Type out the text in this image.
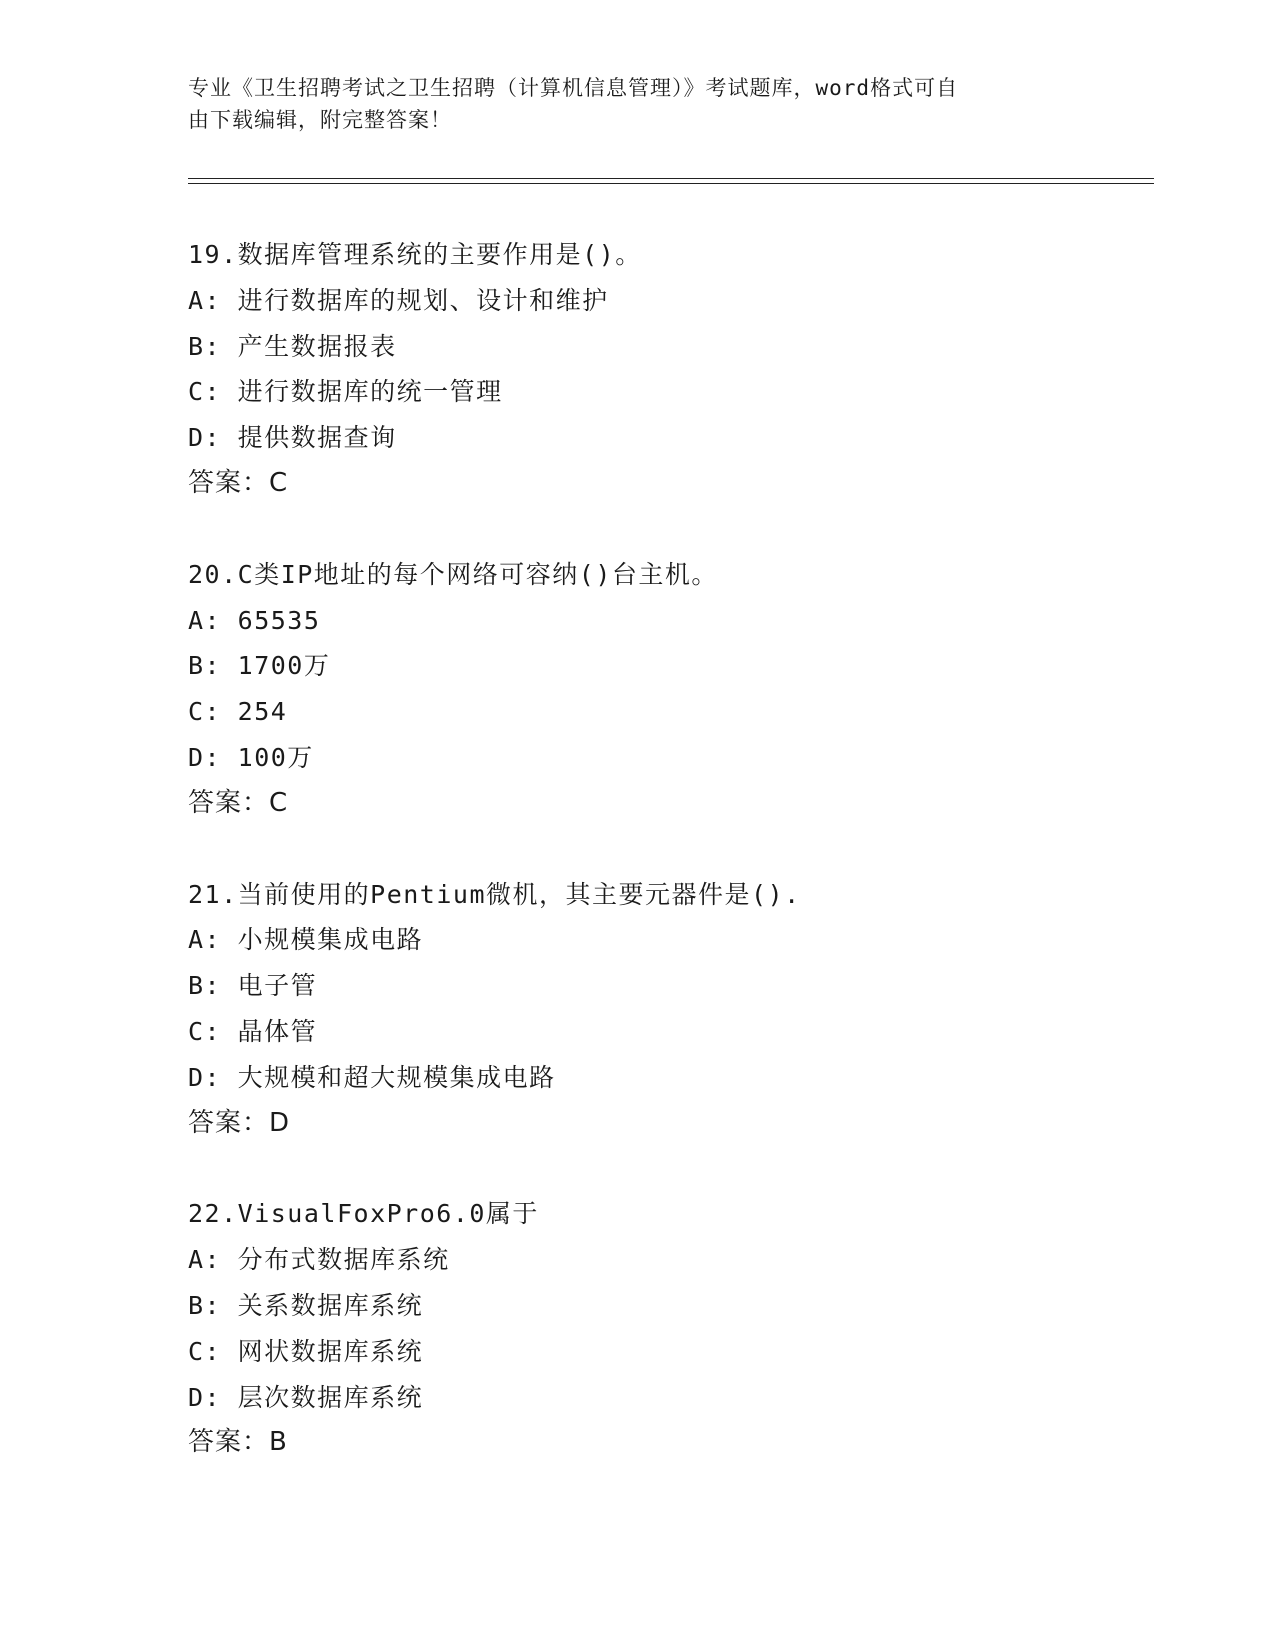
专业《卫生招聘考试之卫生招聘（计算机信息管理）》考试题库，word格式可自
由下载编辑，附完整答案！
19.数据库管理系统的主要作用是()。
A: 进行数据库的规划、设计和维护
B: 产生数据报表
C: 进行数据库的统一管理
D: 提供数据查询
答案：C
20.C类IP地址的每个网络可容纳()台主机。
A: 65535
B: 1700万
C: 254
D: 100万
答案：C
21.当前使用的Pentium微机，其主要元器件是().
A: 小规模集成电路
B: 电子管
C: 晶体管
D: 大规模和超大规模集成电路
答案：D
22.VisualFoxPro6.0属于
A: 分布式数据库系统
B: 关系数据库系统
C: 网状数据库系统
D: 层次数据库系统
答案：B
